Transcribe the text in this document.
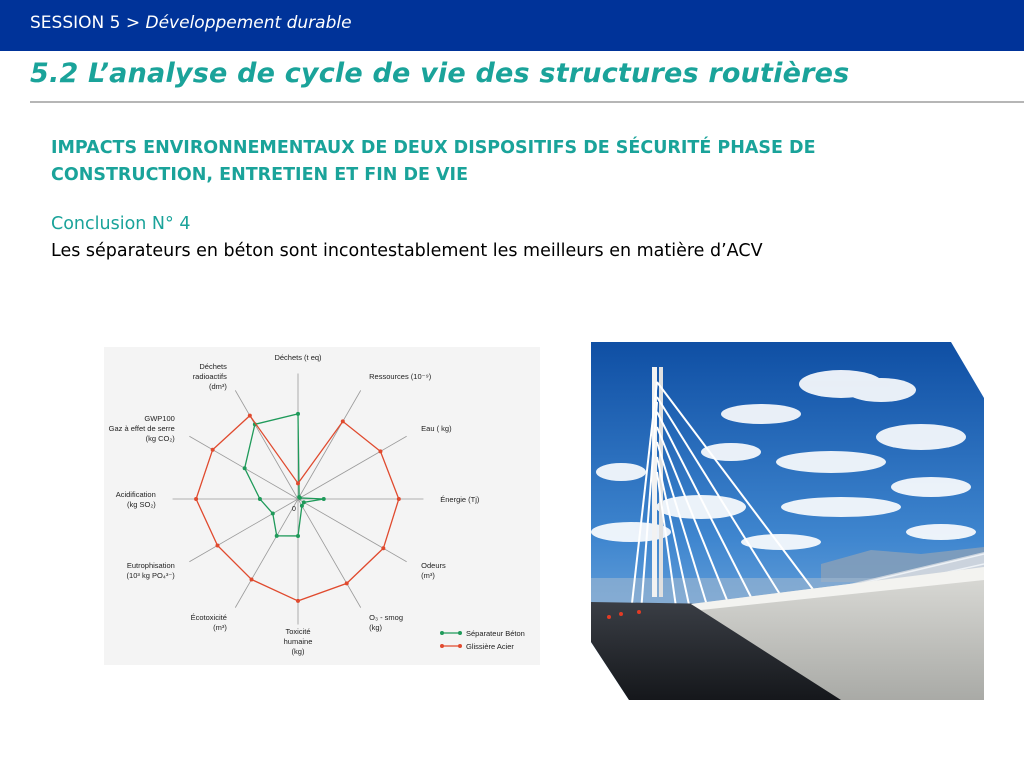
SESSION 5 > Développement durable
5.2 L’analyse de cycle de vie des structures routières
IMPACTS ENVIRONNEMENTAUX DE DEUX DISPOSITIFS DE SÉCURITÉ PHASE DE CONSTRUCTION, ENTRETIEN ET FIN DE VIE
Conclusion N° 4
Les séparateurs en béton sont incontestablement les meilleurs en matière d’ACV
Déchets (t eq)
Ressources (10⁻⁹)
Eau ( kg)
Énergie (Tj)
Odeurs (m³)
O₃ - smog (kg)
Toxicité humaine (kg)
Écotoxicité (m³)
Eutrophisation (10³ kg PO₄³⁻)
Acidification (kg SO₂)
GWP100 Gaz à effet de serre (kg CO₂)
Déchets radioactifs (dm³)
0
Séparateur Béton
Glissière Acier
